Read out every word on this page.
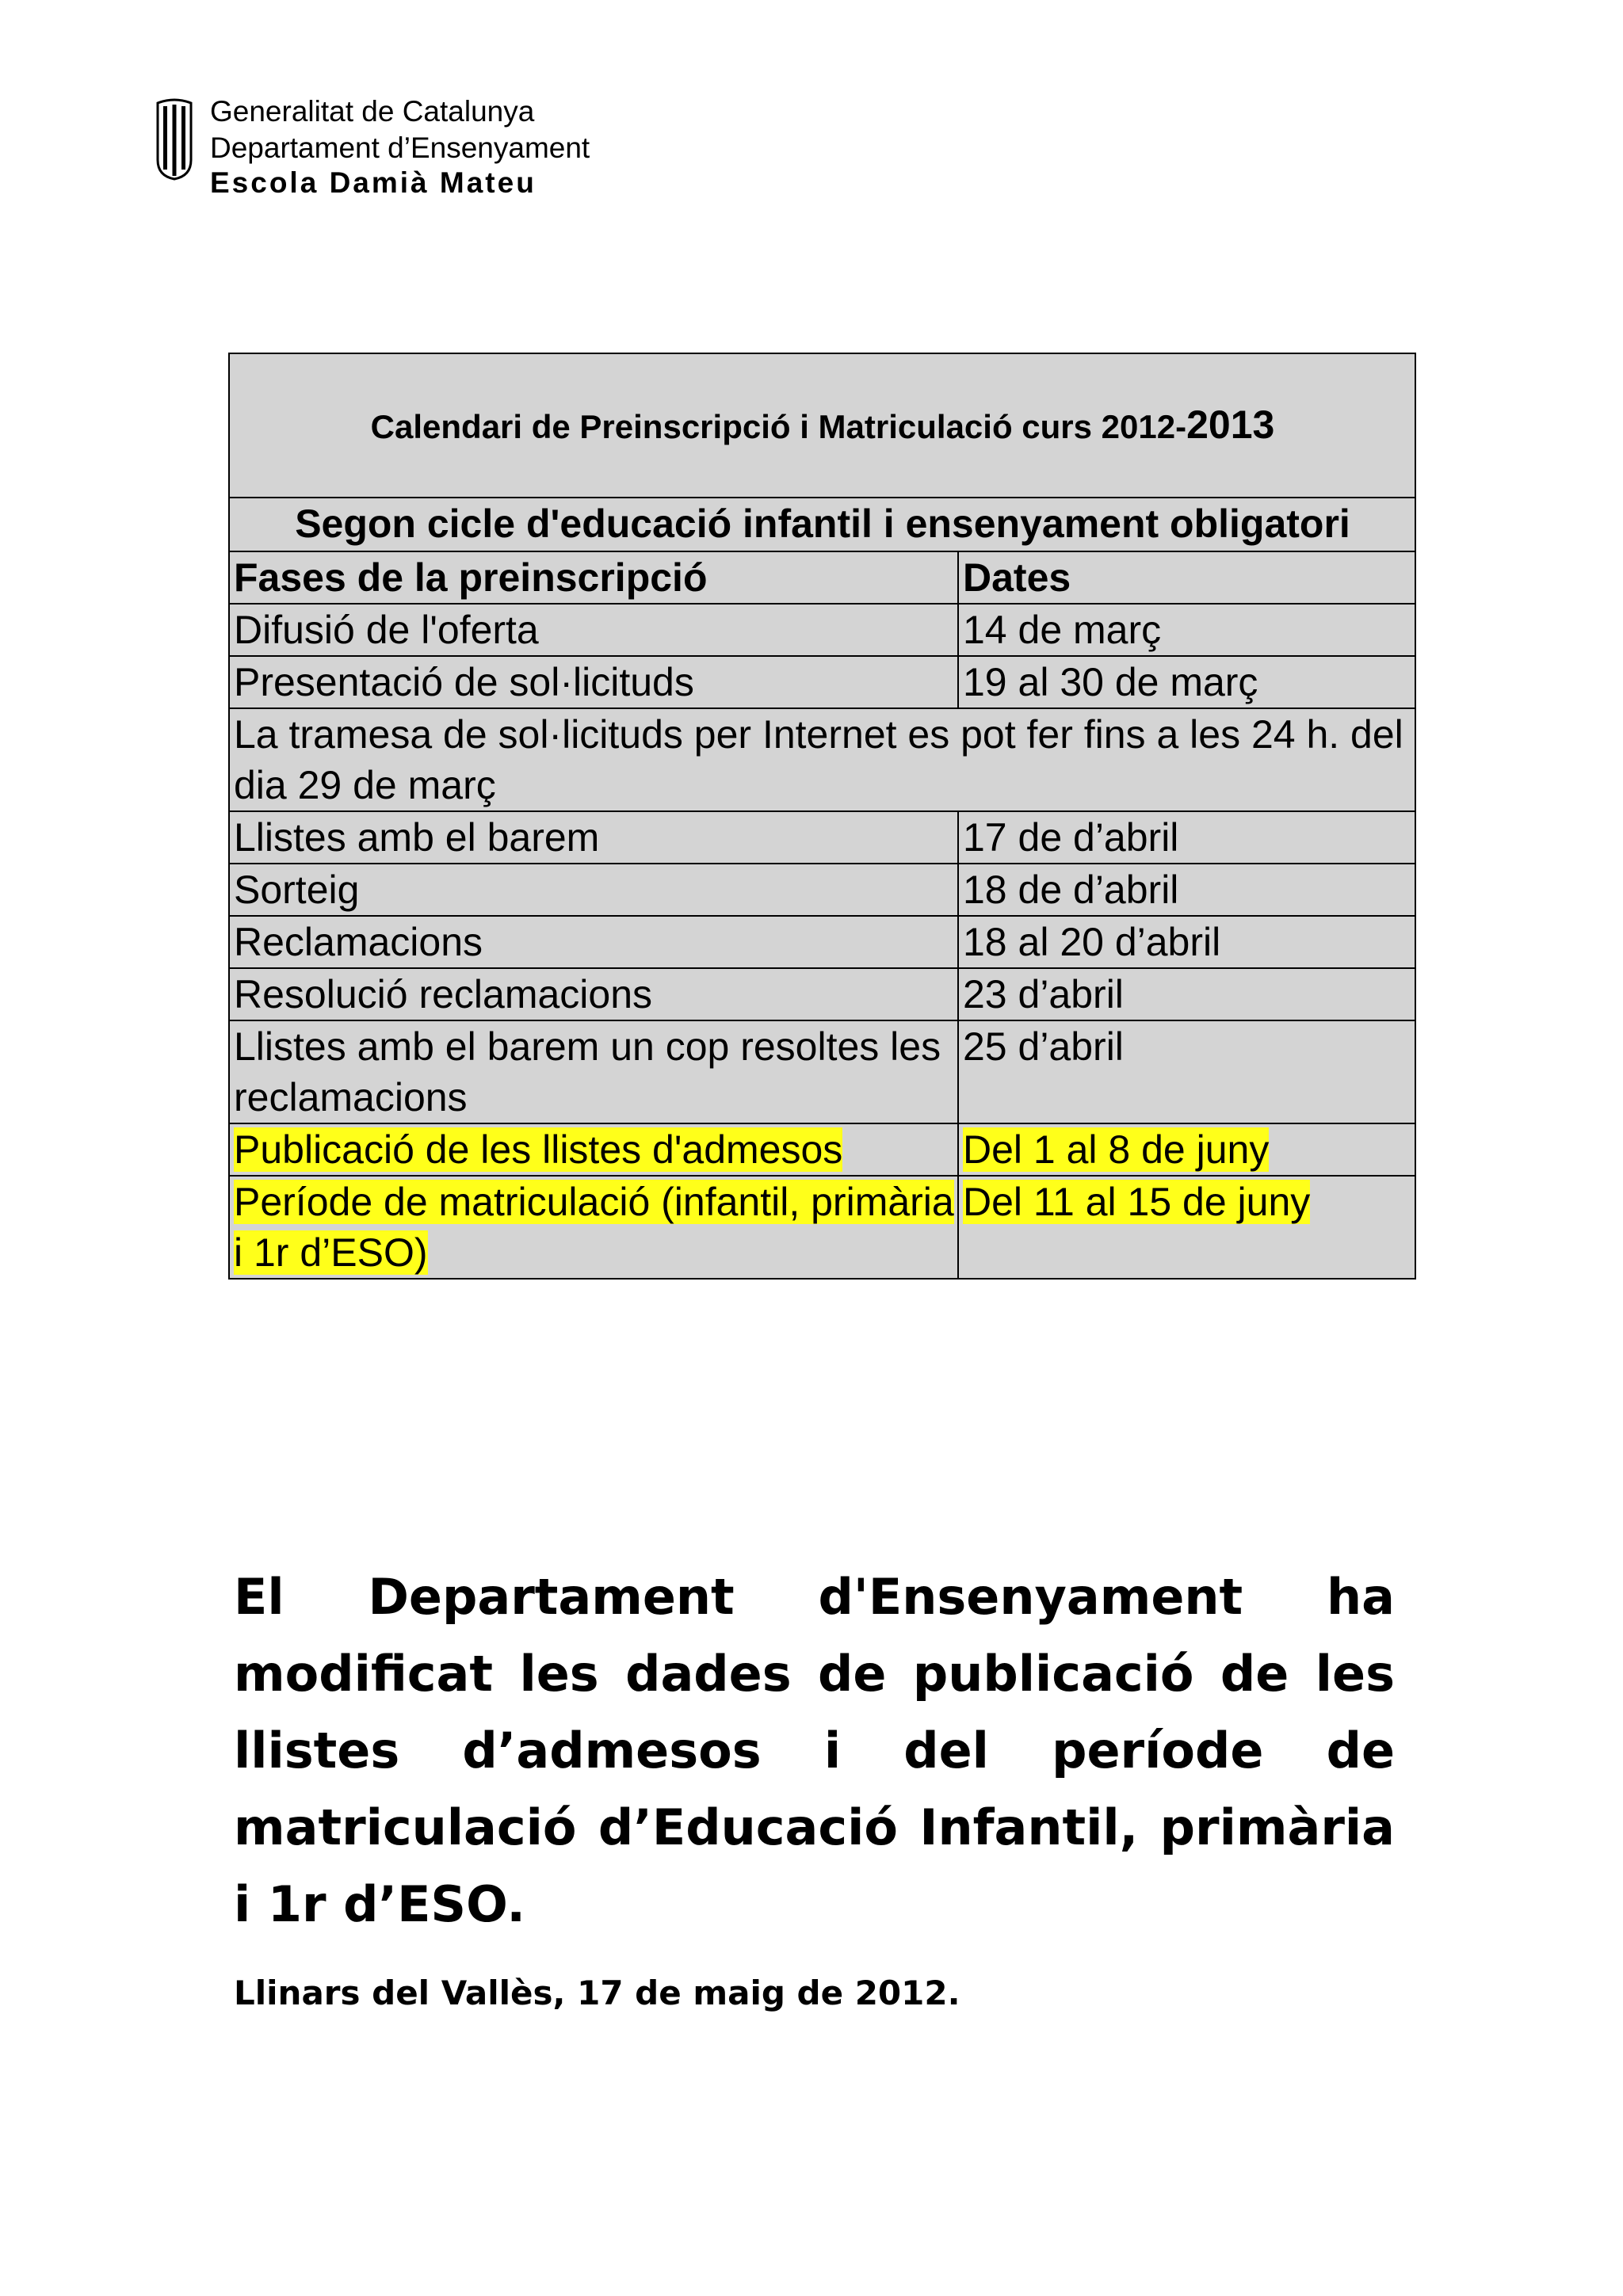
Generalitat de Catalunya
Departament d’Ensenyament
Escola Damià Mateu
Calendari de Preinscripció i Matriculació curs 2012-2013	
Segon cicle d'educació infantil i ensenyament obligatori	
Fases de la preinscripció	Dates
Difusió de l'oferta	14 de març
Presentació de sol·licituds	19 al 30 de març
La tramesa de sol·licituds per Internet es pot fer fins a les 24 h. del dia 29 de març	
Llistes amb el barem	17 de d’abril
Sorteig	18 de d’abril
Reclamacions	18 al 20 d’abril
Resolució reclamacions	23 d’abril
Llistes amb el barem un cop resoltes les reclamacions	25 d’abril
Publicació de les llistes d'admesos	Del 1 al 8 de juny
Període de matriculació (infantil, primària i 1r d’ESO)	Del 11 al 15 de juny

El Departament d'Ensenyament ha modificat les dades de publicació de les llistes d’admesos i del període de matriculació d’Educació Infantil, primària i 1r d’ESO.

Llinars del Vallès, 17 de maig de 2012.
